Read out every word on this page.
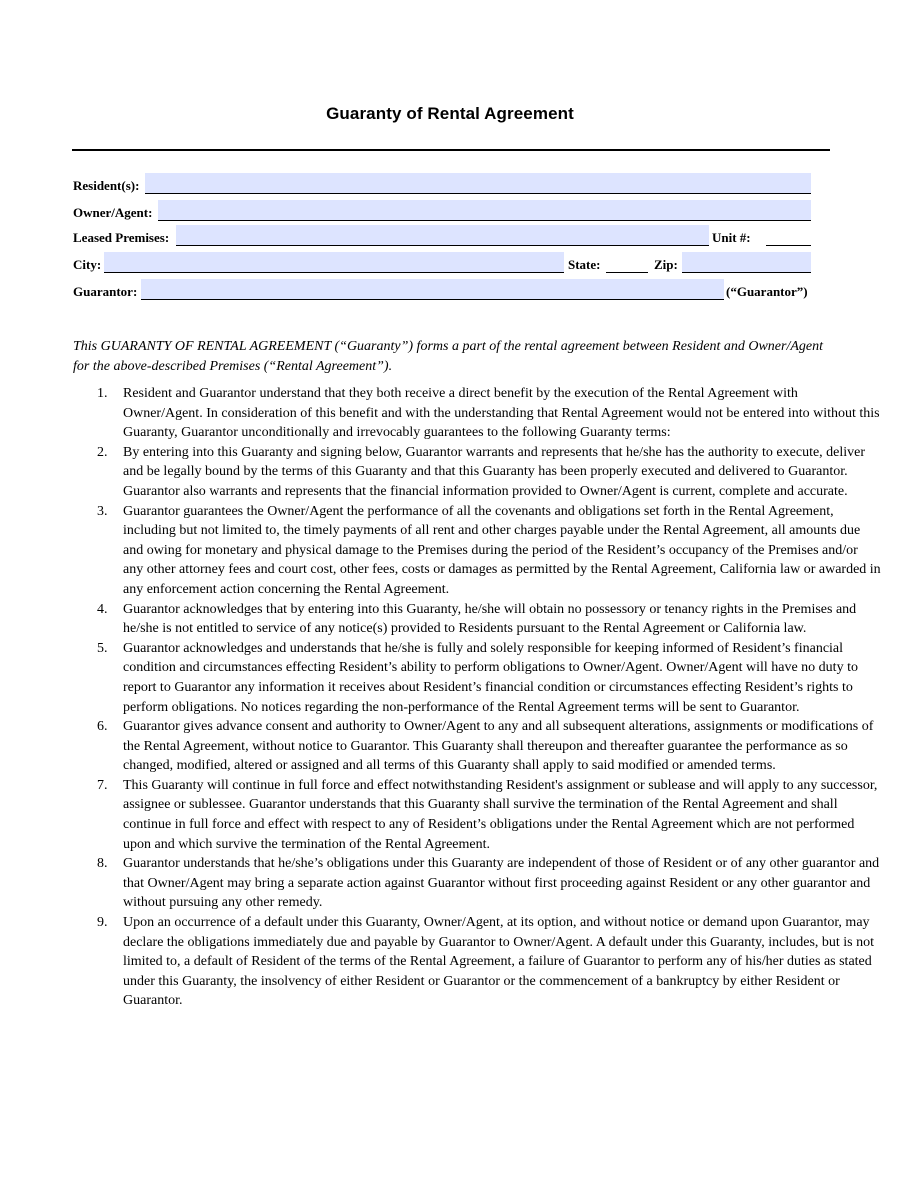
Guaranty of Rental Agreement
Resident(s):
Owner/Agent:
Leased Premises:	Unit #:
City:	State:	Zip:
Guarantor:	(“Guarantor”)

This GUARANTY OF RENTAL AGREEMENT (“Guaranty”) forms a part of the rental agreement between Resident and Owner/Agent for the above-described Premises (“Rental Agreement”).

Resident and Guarantor understand that they both receive a direct benefit by the execution of the Rental Agreement with Owner/Agent. In consideration of this benefit and with the understanding that Rental Agreement would not be entered into without this Guaranty, Guarantor unconditionally and irrevocably guarantees to the following Guaranty terms:
By entering into this Guaranty and signing below, Guarantor warrants and represents that he/she has the authority to execute, deliver and be legally bound by the terms of this Guaranty and that this Guaranty has been properly executed and delivered to Guarantor. Guarantor also warrants and represents that the financial information provided to Owner/Agent is current, complete and accurate.
Guarantor guarantees the Owner/Agent the performance of all the covenants and obligations set forth in the Rental Agreement, including but not limited to, the timely payments of all rent and other charges payable under the Rental Agreement, all amounts due and owing for monetary and physical damage to the Premises during the period of the Resident’s occupancy of the Premises and/or any other attorney fees and court cost, other fees, costs or damages as permitted by the Rental Agreement, California law or awarded in any enforcement action concerning the Rental Agreement.
Guarantor acknowledges that by entering into this Guaranty, he/she will obtain no possessory or tenancy rights in the Premises and he/she is not entitled to service of any notice(s) provided to Residents pursuant to the Rental Agreement or California law.
Guarantor acknowledges and understands that he/she is fully and solely responsible for keeping informed of Resident’s financial condition and circumstances effecting Resident’s ability to perform obligations to Owner/Agent. Owner/Agent will have no duty to report to Guarantor any information it receives about Resident’s financial condition or circumstances effecting Resident’s rights to perform obligations. No notices regarding the non-performance of the Rental Agreement terms will be sent to Guarantor.
Guarantor gives advance consent and authority to Owner/Agent to any and all subsequent alterations, assignments or modifications of the Rental Agreement, without notice to Guarantor. This Guaranty shall thereupon and thereafter guarantee the performance as so changed, modified, altered or assigned and all terms of this Guaranty shall apply to said modified or amended terms.
This Guaranty will continue in full force and effect notwithstanding Resident's assignment or sublease and will apply to any successor, assignee or sublessee. Guarantor understands that this Guaranty shall survive the termination of the Rental Agreement and shall continue in full force and effect with respect to any of Resident’s obligations under the Rental Agreement which are not performed upon and which survive the termination of the Rental Agreement.
Guarantor understands that he/she’s obligations under this Guaranty are independent of those of Resident or of any other guarantor and that Owner/Agent may bring a separate action against Guarantor without first proceeding against Resident or any other guarantor and without pursuing any other remedy.
Upon an occurrence of a default under this Guaranty, Owner/Agent, at its option, and without notice or demand upon Guarantor, may declare the obligations immediately due and payable by Guarantor to Owner/Agent. A default under this Guaranty, includes, but is not limited to, a default of Resident of the terms of the Rental Agreement, a failure of Guarantor to perform any of his/her duties as stated under this Guaranty, the insolvency of either Resident or Guarantor or the commencement of a bankruptcy by either Resident or Guarantor.
